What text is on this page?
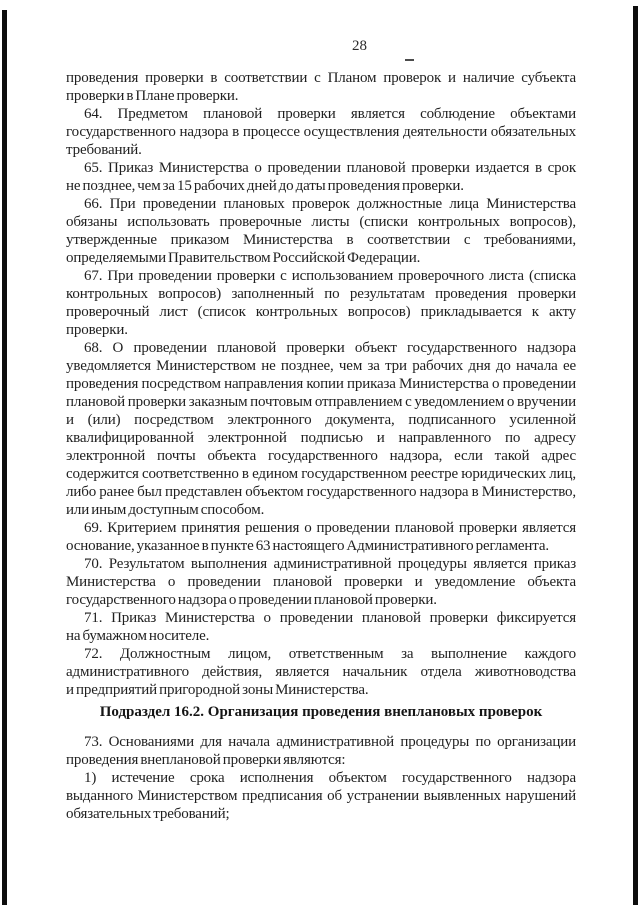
28
проведения проверки в соответствии с Планом проверок и наличие субъекта
проверки в Плане проверки.
64. Предметом плановой проверки является соблюдение объектами
государственного надзора в процессе осуществления деятельности обязательных
требований.
65. Приказ Министерства о проведении плановой проверки издается в срок
не позднее, чем за 15 рабочих дней до даты проведения проверки.
66. При проведении плановых проверок должностные лица Министерства
обязаны использовать проверочные листы (списки контрольных вопросов),
утвержденные приказом Министерства в соответствии с требованиями,
определяемыми Правительством Российской Федерации.
67. При проведении проверки с использованием проверочного листа (списка
контрольных вопросов) заполненный по результатам проведения проверки
проверочный лист (список контрольных вопросов) прикладывается к акту
проверки.
68. О проведении плановой проверки объект государственного надзора
уведомляется Министерством не позднее, чем за три рабочих дня до начала ее
проведения посредством направления копии приказа Министерства о проведении
плановой проверки заказным почтовым отправлением с уведомлением о вручении
и (или) посредством электронного документа, подписанного усиленной
квалифицированной электронной подписью и направленного по адресу
электронной почты объекта государственного надзора, если такой адрес
содержится соответственно в едином государственном реестре юридических лиц,
либо ранее был представлен объектом государственного надзора в Министерство,
или иным доступным способом.
69. Критерием принятия решения о проведении плановой проверки является
основание, указанное в пункте 63 настоящего Административного регламента.
70. Результатом выполнения административной процедуры является приказ
Министерства о проведении плановой проверки и уведомление объекта
государственного надзора о проведении плановой проверки.
71. Приказ Министерства о проведении плановой проверки фиксируется
на бумажном носителе.
72. Должностным лицом, ответственным за выполнение каждого
административного действия, является начальник отдела животноводства
и предприятий пригородной зоны Министерства.
Подраздел 16.2. Организация проведения внеплановых проверок
73. Основаниями для начала административной процедуры по организации
проведения внеплановой проверки являются:
1) истечение срока исполнения объектом государственного надзора
выданного Министерством предписания об устранении выявленных нарушений
обязательных требований;
